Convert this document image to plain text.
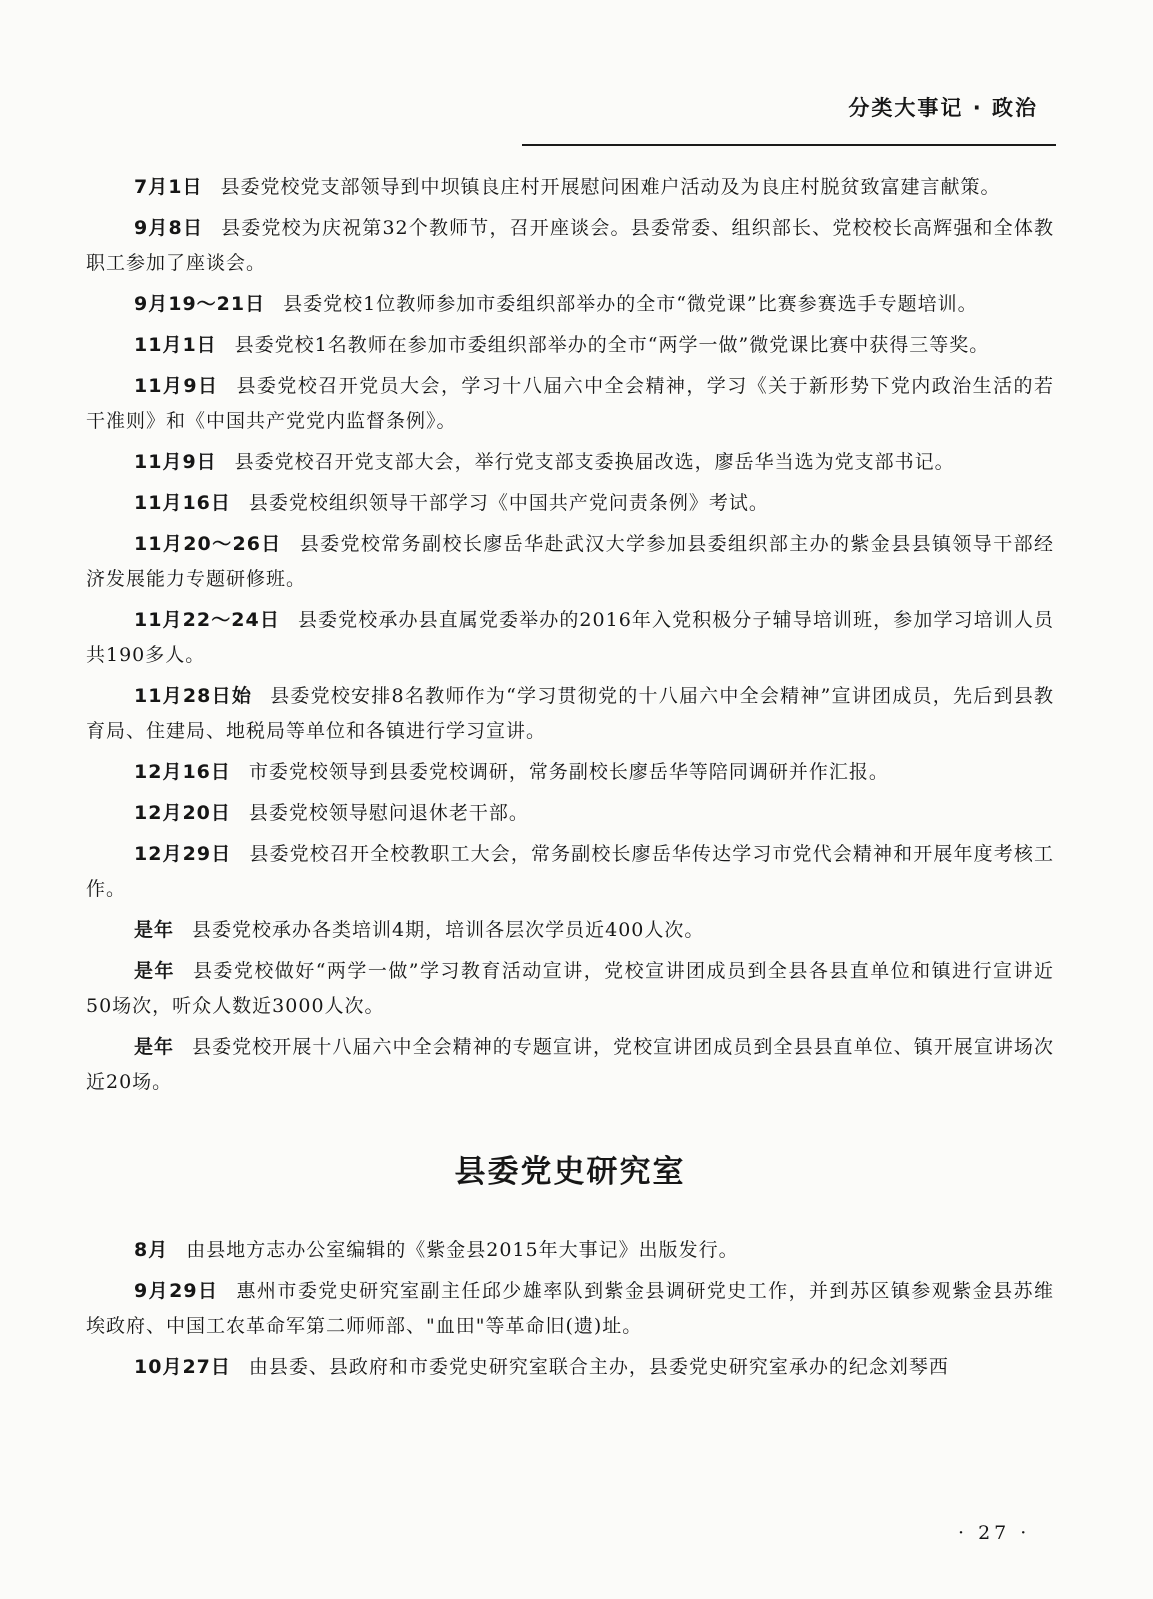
分类大事记 · 政治

7月1日 县委党校党支部领导到中坝镇良庄村开展慰问困难户活动及为良庄村脱贫致富建言献策。

9月8日 县委党校为庆祝第32个教师节，召开座谈会。县委常委、组织部长、党校校长高辉强和全体教职工参加了座谈会。

9月19～21日 县委党校1位教师参加市委组织部举办的全市“微党课”比赛参赛选手专题培训。

11月1日 县委党校1名教师在参加市委组织部举办的全市“两学一做”微党课比赛中获得三等奖。

11月9日 县委党校召开党员大会，学习十八届六中全会精神，学习《关于新形势下党内政治生活的若干准则》和《中国共产党党内监督条例》。

11月9日 县委党校召开党支部大会，举行党支部支委换届改选，廖岳华当选为党支部书记。

11月16日 县委党校组织领导干部学习《中国共产党问责条例》考试。

11月20～26日 县委党校常务副校长廖岳华赴武汉大学参加县委组织部主办的紫金县县镇领导干部经济发展能力专题研修班。

11月22～24日 县委党校承办县直属党委举办的2016年入党积极分子辅导培训班，参加学习培训人员共190多人。

11月28日始 县委党校安排8名教师作为“学习贯彻党的十八届六中全会精神”宣讲团成员，先后到县教育局、住建局、地税局等单位和各镇进行学习宣讲。

12月16日 市委党校领导到县委党校调研，常务副校长廖岳华等陪同调研并作汇报。

12月20日 县委党校领导慰问退休老干部。

12月29日 县委党校召开全校教职工大会，常务副校长廖岳华传达学习市党代会精神和开展年度考核工作。

是年 县委党校承办各类培训4期，培训各层次学员近400人次。

是年 县委党校做好“两学一做”学习教育活动宣讲，党校宣讲团成员到全县各县直单位和镇进行宣讲近50场次，听众人数近3000人次。

是年 县委党校开展十八届六中全会精神的专题宣讲，党校宣讲团成员到全县县直单位、镇开展宣讲场次近20场。

县委党史研究室

8月 由县地方志办公室编辑的《紫金县2015年大事记》出版发行。

9月29日 惠州市委党史研究室副主任邱少雄率队到紫金县调研党史工作，并到苏区镇参观紫金县苏维埃政府、中国工农革命军第二师师部、"血田"等革命旧(遗)址。

10月27日 由县委、县政府和市委党史研究室联合主办，县委党史研究室承办的纪念刘琴西

· 27 ·
